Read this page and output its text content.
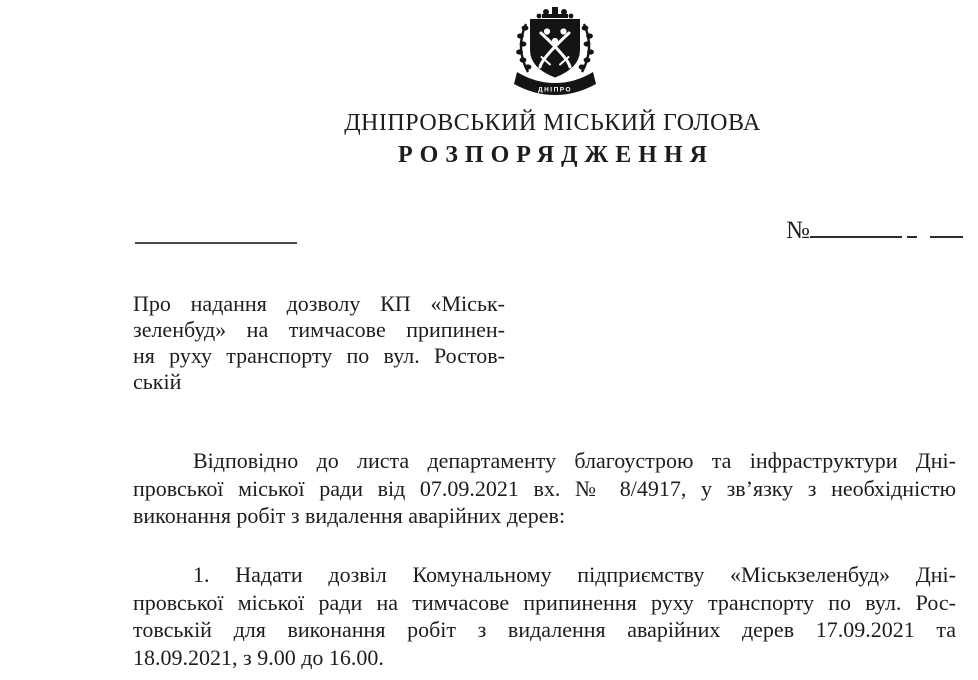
ДНІПРО
ДНІПРОВСЬКИЙ МІСЬКИЙ ГОЛОВА
РОЗПОРЯДЖЕННЯ
№
Про надання дозволу КП «Міськ-
зеленбуд» на тимчасове припинен-
ня руху транспорту по вул. Ростов-
ській
Відповідно до листа департаменту благоустрою та інфраструктури Дні-
провської міської ради від 07.09.2021 вх. № 8/4917, у зв’язку з необхідністю
виконання робіт з видалення аварійних дерев:
1. Надати дозвіл Комунальному підприємству «Міськзеленбуд» Дні-
провської міської ради на тимчасове припинення руху транспорту по вул. Рос-
товській для виконання робіт з видалення аварійних дерев 17.09.2021 та
18.09.2021, з 9.00 до 16.00.
